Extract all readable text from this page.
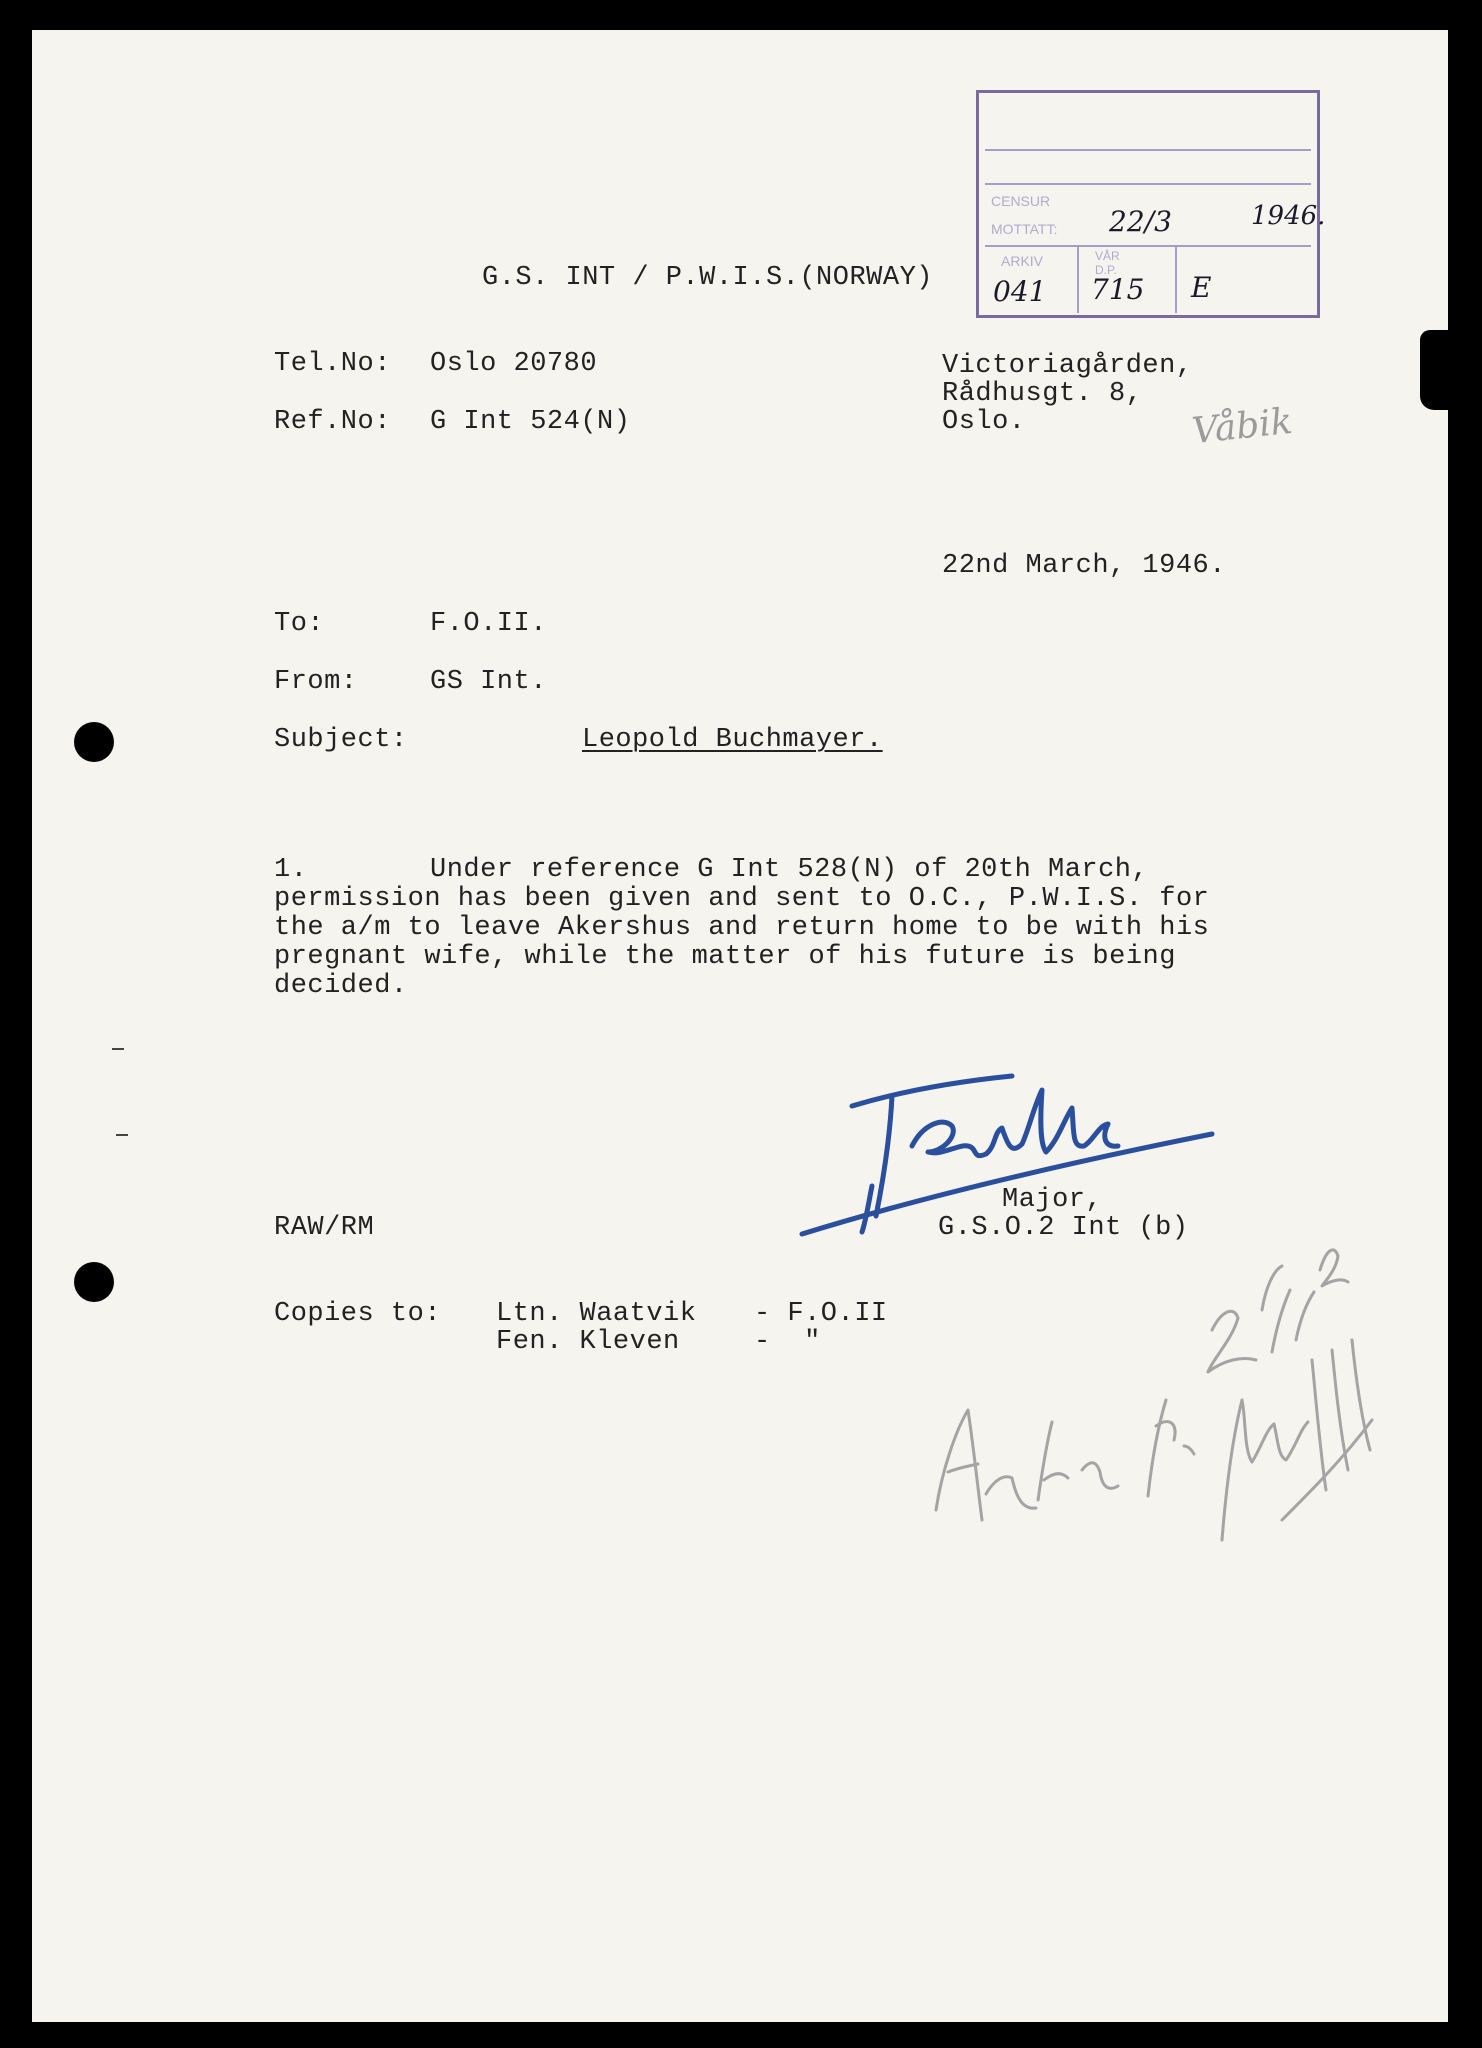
CENSUR
MOTTATT:
ARKIV	VÅR
D.P.
22/3	1946.
041 715 E
G.S. INT / P.W.I.S.(NORWAY)
Tel.No: Oslo 20780
Ref.No: G Int 524(N)
Victoriagården,
Rådhusgt. 8,
Oslo.	Våbik
22nd March, 1946.
To:	F.O.II.
From:	GS Int.
Subject:	Leopold Buchmayer.
1.	Under reference G Int 528(N) of 20th March,
permission has been given and sent to O.C., P.W.I.S. for
the a/m to leave Akershus and return home to be with his
pregnant wife, while the matter of his future is being
decided.
Major,
G.S.O.2 Int (b)
RAW/RM
Copies to: Ltn. Waatvik - F.O.II
Fen. Kleven	-  "
